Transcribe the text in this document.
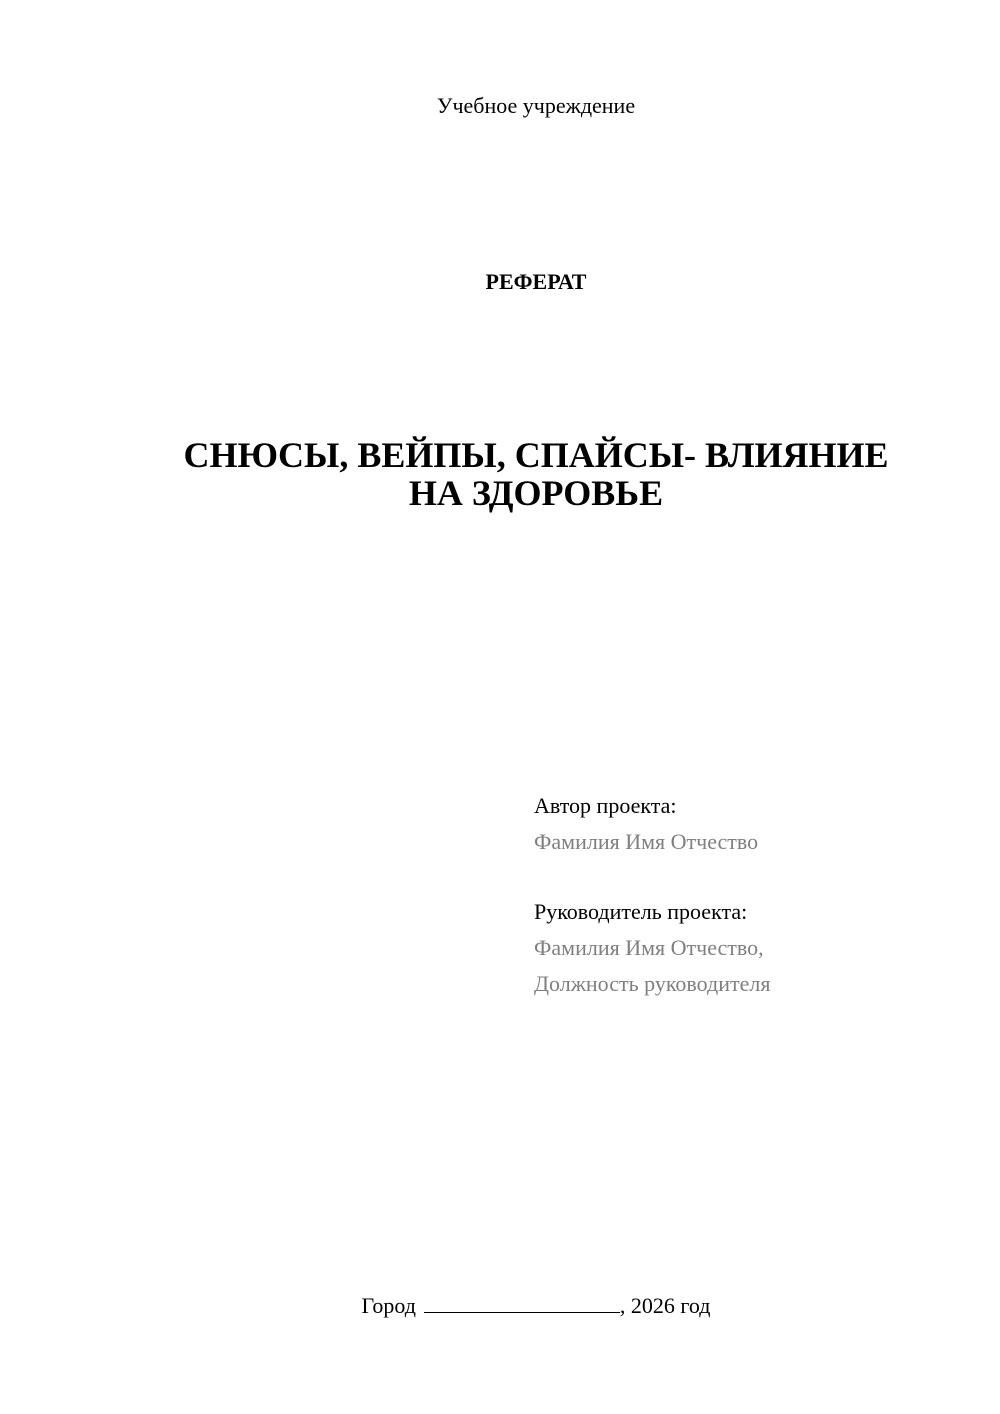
Учебное учреждение
РЕФЕРАТ
СНЮСЫ, ВЕЙПЫ, СПАЙСЫ- ВЛИЯНИЕ
НА ЗДОРОВЬЕ
Автор проекта:
Фамилия Имя Отчество
Руководитель проекта:
Фамилия Имя Отчество,
Должность руководителя
Город	, 2026 год
